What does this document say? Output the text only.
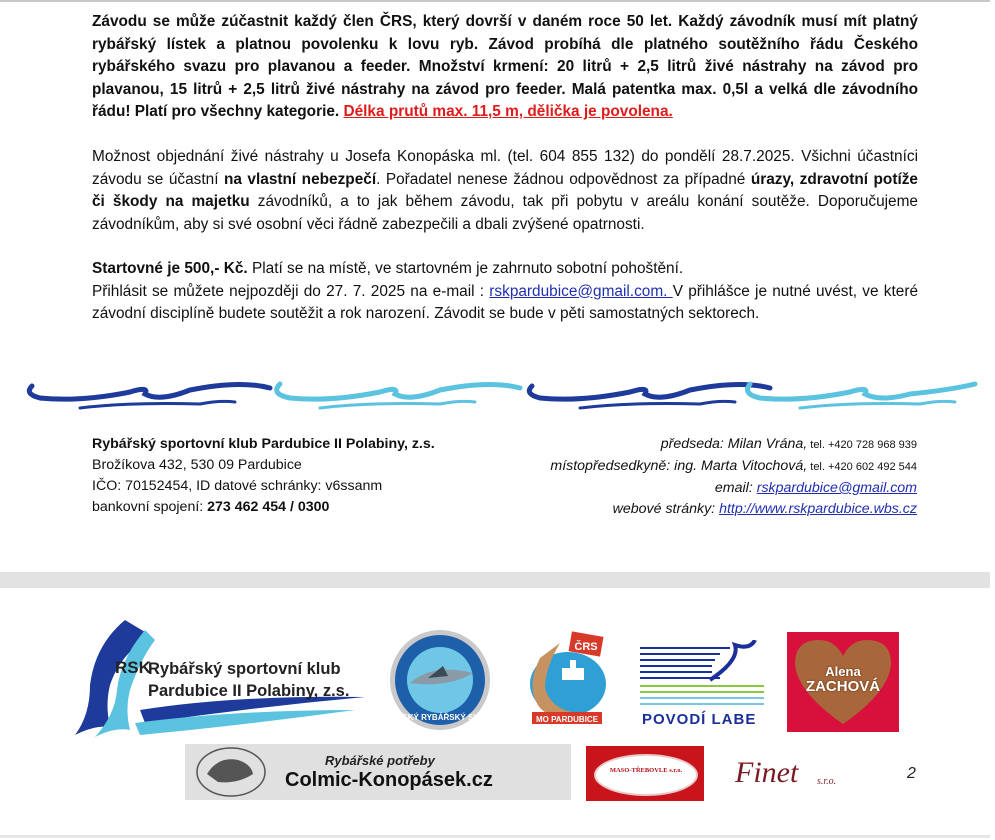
Závodu se může zúčastnit každý člen ČRS, který dovrší v daném roce 50 let. Každý závodník musí mít platný rybářský lístek a platnou povolenku k lovu ryb. Závod probíhá dle platného soutěžního řádu Českého rybářského svazu pro plavanou a feeder. Množství krmení: 20 litrů + 2,5 litrů živé nástrahy na závod pro plavanou, 15 litrů + 2,5 litrů živé nástrahy na závod pro feeder. Malá patentka max. 0,5l a velká dle závodního řádu! Platí pro všechny kategorie. Délka prutů max. 11,5 m, dělička je povolena.
Možnost objednání živé nástrahy u Josefa Konopáska ml. (tel. 604 855 132) do pondělí 28.7.2025. Všichni účastníci závodu se účastní na vlastní nebezpečí. Pořadatel nenese žádnou odpovědnost za případné úrazy, zdravotní potíže či škody na majetku závodníků, a to jak během závodu, tak při pobytu v areálu konání soutěže. Doporučujeme závodníkům, aby si své osobní věci řádně zabezpečili a dbali zvýšené opatrnosti.
Startovné je 500,- Kč. Platí se na místě, ve startovném je zahrnuto sobotní pohoštění.
Přihlásit se můžete nejpozději do 27. 7. 2025 na e-mail : rskpardubice@gmail.com. V přihlášce je nutné uvést, ve které závodní disciplíně budete soutěžit a rok narození. Závodit se bude v pěti samostatných sektorech.
Rybářský sportovní klub Pardubice II Polabiny, z.s.
Brožíkova 432, 530 09 Pardubice
IČO: 70152454, ID datové schránky: v6ssanm
bankovní spojení: 273 462 454 / 0300
předseda: Milan Vrána, tel. +420 728 968 939
místopředsedkyně: ing. Marta Vitochová, tel. +420 602 492 544
email: rskpardubice@gmail.com
webové stránky: http://www.rskpardubice.wbs.cz
RSK
Rybářský sportovní klub
Pardubice II Polabiny, z.s.
ČESKÝ RYBÁŘSKÝ SVAZ
ČRS
MO PARDUBICE	POVODÍ LABE
Alena
ZACHOVÁ
Rybářské potřeby
Colmic-Konopásek.cz	MASO-TŘEBOVLE s.r.o.	Finet s.r.o.	2
